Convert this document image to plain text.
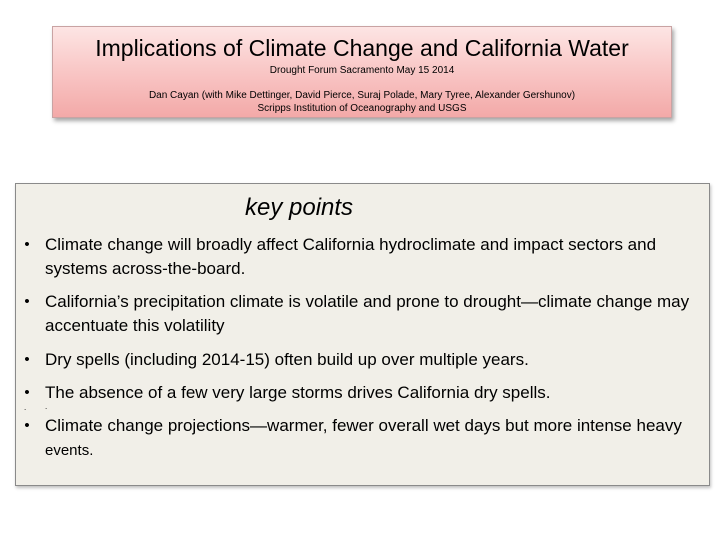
Implications of Climate Change and California Water
Drought Forum Sacramento May 15 2014
Dan Cayan (with Mike Dettinger, David Pierce, Suraj Polade, Mary Tyree, Alexander Gershunov)
Scripps Institution of Oceanography and USGS
key points
• Climate change will broadly affect California hydroclimate and impact sectors and systems across-the-board.
• California’s precipitation climate is volatile and prone to drought—climate change may accentuate this volatility
• Dry spells (including 2014-15) often build up over multiple years.
• The absence of a few very large storms drives California dry spells.
• Climate change projections—warmer, fewer overall wet days but more intense heavy  events.
. .
